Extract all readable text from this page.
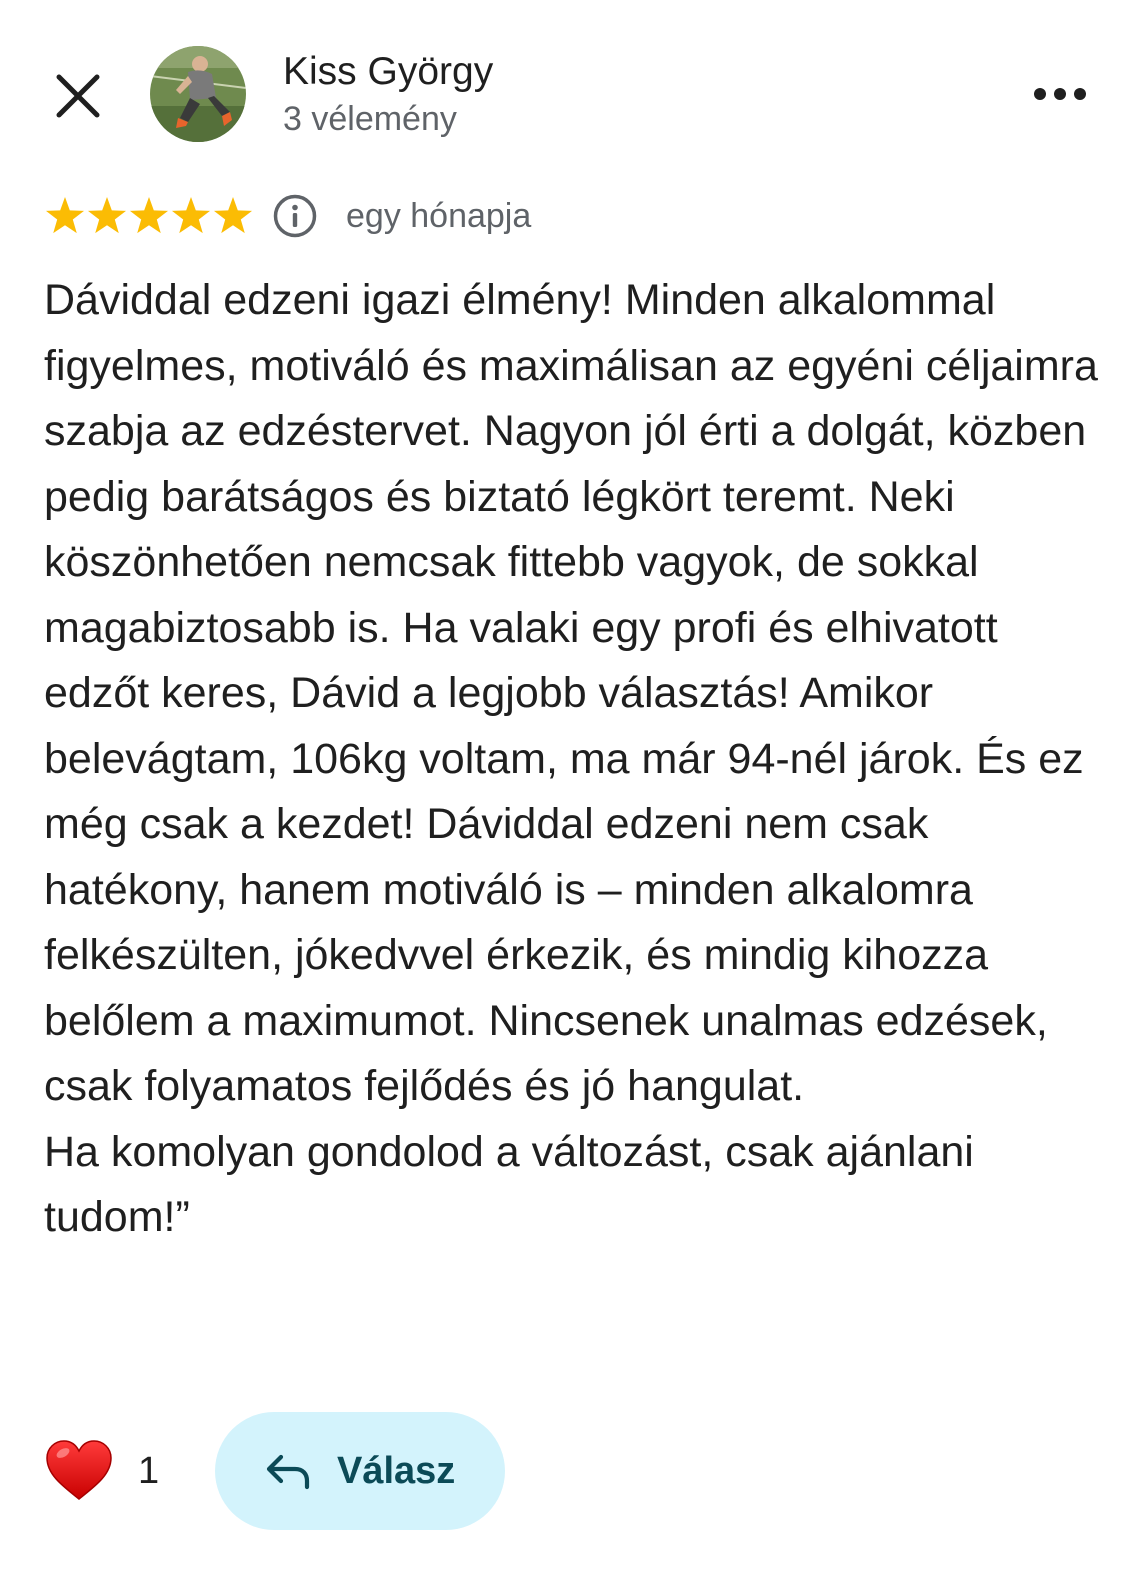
Kiss György
3 vélemény
egy hónapja

Dáviddal edzeni igazi élmény! Minden alkalommal figyelmes, motiváló és maximálisan az egyéni céljaimra szabja az edzéstervet. Nagyon jól érti a dolgát, közben pedig barátságos és biztató légkört teremt. Neki köszönhetően nemcsak fittebb vagyok, de sokkal magabiztosabb is. Ha valaki egy profi és elhivatott edzőt keres, Dávid a legjobb választás! Amikor belevágtam, 106kg voltam, ma már 94-nél járok. És ez még csak a kezdet! Dáviddal edzeni nem csak hatékony, hanem motiváló is – minden alkalomra felkészülten, jókedvvel érkezik, és mindig kihozza belőlem a maximumot. Nincsenek unalmas edzések, csak folyamatos fejlődés és jó hangulat.
Ha komolyan gondolod a változást, csak ajánlani tudom!”

1	Válasz
